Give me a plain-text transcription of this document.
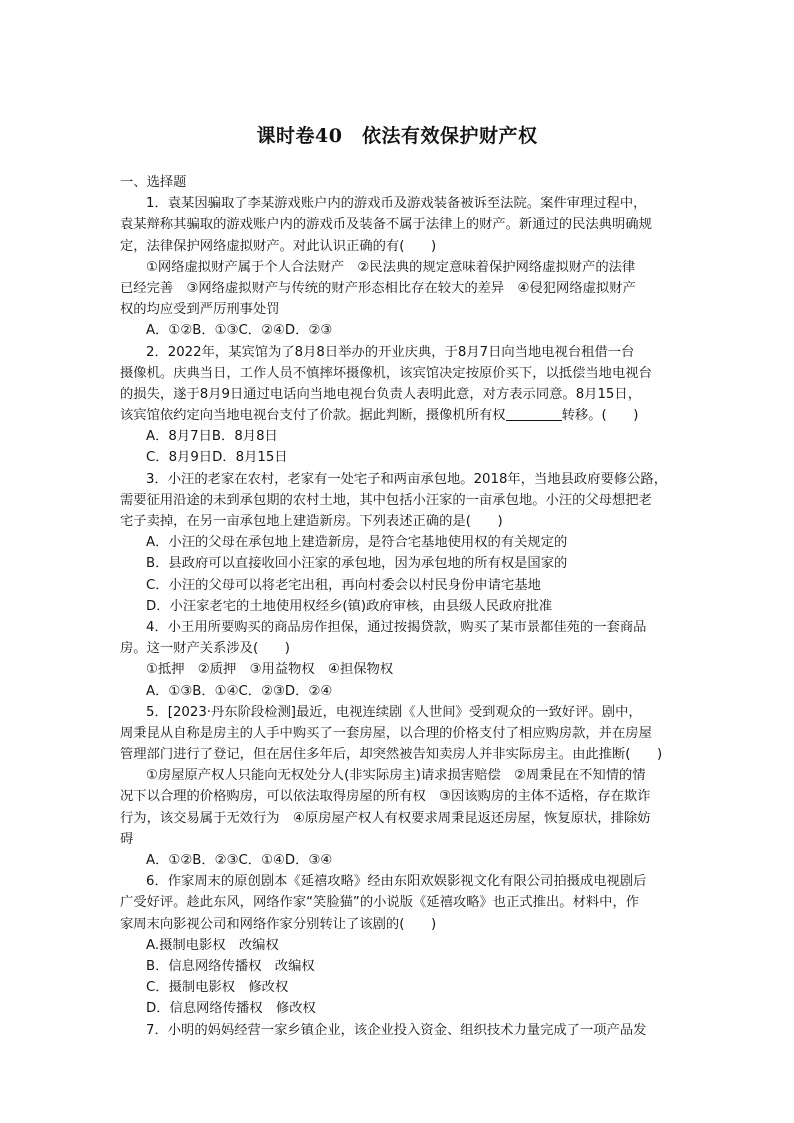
课时卷40　依法有效保护财产权
一、选择题
1．袁某因骗取了李某游戏账户内的游戏币及游戏装备被诉至法院。案件审理过程中，
袁某辩称其骗取的游戏账户内的游戏币及装备不属于法律上的财产。新通过的民法典明确规
定，法律保护网络虚拟财产。对此认识正确的有(　　)
①网络虚拟财产属于个人合法财产　②民法典的规定意味着保护网络虚拟财产的法律
已经完善　③网络虚拟财产与传统的财产形态相比存在较大的差异　④侵犯网络虚拟财产
权的均应受到严厉刑事处罚
A．①②B．①③C．②④D．②③
2．2022年，某宾馆为了8月8日举办的开业庆典，于8月7日向当地电视台租借一台
摄像机。庆典当日，工作人员不慎摔坏摄像机，该宾馆决定按原价买下，以抵偿当地电视台
的损失，遂于8月9日通过电话向当地电视台负责人表明此意，对方表示同意。8月15日，
该宾馆依约定向当地电视台支付了价款。据此判断，摄像机所有权	转移。(　　)
A．8月7日B．8月8日
C．8月9日D．8月15日
3．小汪的老家在农村，老家有一处宅子和两亩承包地。2018年，当地县政府要修公路，
需要征用沿途的未到承包期的农村土地，其中包括小汪家的一亩承包地。小汪的父母想把老
宅子卖掉，在另一亩承包地上建造新房。下列表述正确的是(　　)
A．小汪的父母在承包地上建造新房，是符合宅基地使用权的有关规定的
B．县政府可以直接收回小汪家的承包地，因为承包地的所有权是国家的
C．小汪的父母可以将老宅出租，再向村委会以村民身份申请宅基地
D．小汪家老宅的土地使用权经乡(镇)政府审核，由县级人民政府批准
4．小王用所要购买的商品房作担保，通过按揭贷款，购买了某市景都佳苑的一套商品
房。这一财产关系涉及(　　)
①抵押　②质押　③用益物权　④担保物权
A．①③B．①④C．②③D．②④
5．[2023·丹东阶段检测]最近，电视连续剧《人世间》受到观众的一致好评。剧中，
周秉昆从自称是房主的人手中购买了一套房屋，以合理的价格支付了相应购房款，并在房屋
管理部门进行了登记，但在居住多年后，却突然被告知卖房人并非实际房主。由此推断(　　)
①房屋原产权人只能向无权处分人(非实际房主)请求损害赔偿　②周秉昆在不知情的情
况下以合理的价格购房，可以依法取得房屋的所有权　③因该购房的主体不适格，存在欺诈
行为，该交易属于无效行为　④原房屋产权人有权要求周秉昆返还房屋，恢复原状，排除妨
碍
A．①②B．②③C．①④D．③④
6．作家周末的原创剧本《延禧攻略》经由东阳欢娱影视文化有限公司拍摄成电视剧后
广受好评。趁此东风，网络作家“笑脸猫”的小说版《延禧攻略》也正式推出。材料中，作
家周末向影视公司和网络作家分别转让了该剧的(　　)
A.摄制电影权　改编权
B．信息网络传播权　改编权
C．摄制电影权　修改权
D．信息网络传播权　修改权
7．小明的妈妈经营一家乡镇企业，该企业投入资金、组织技术力量完成了一项产品发
